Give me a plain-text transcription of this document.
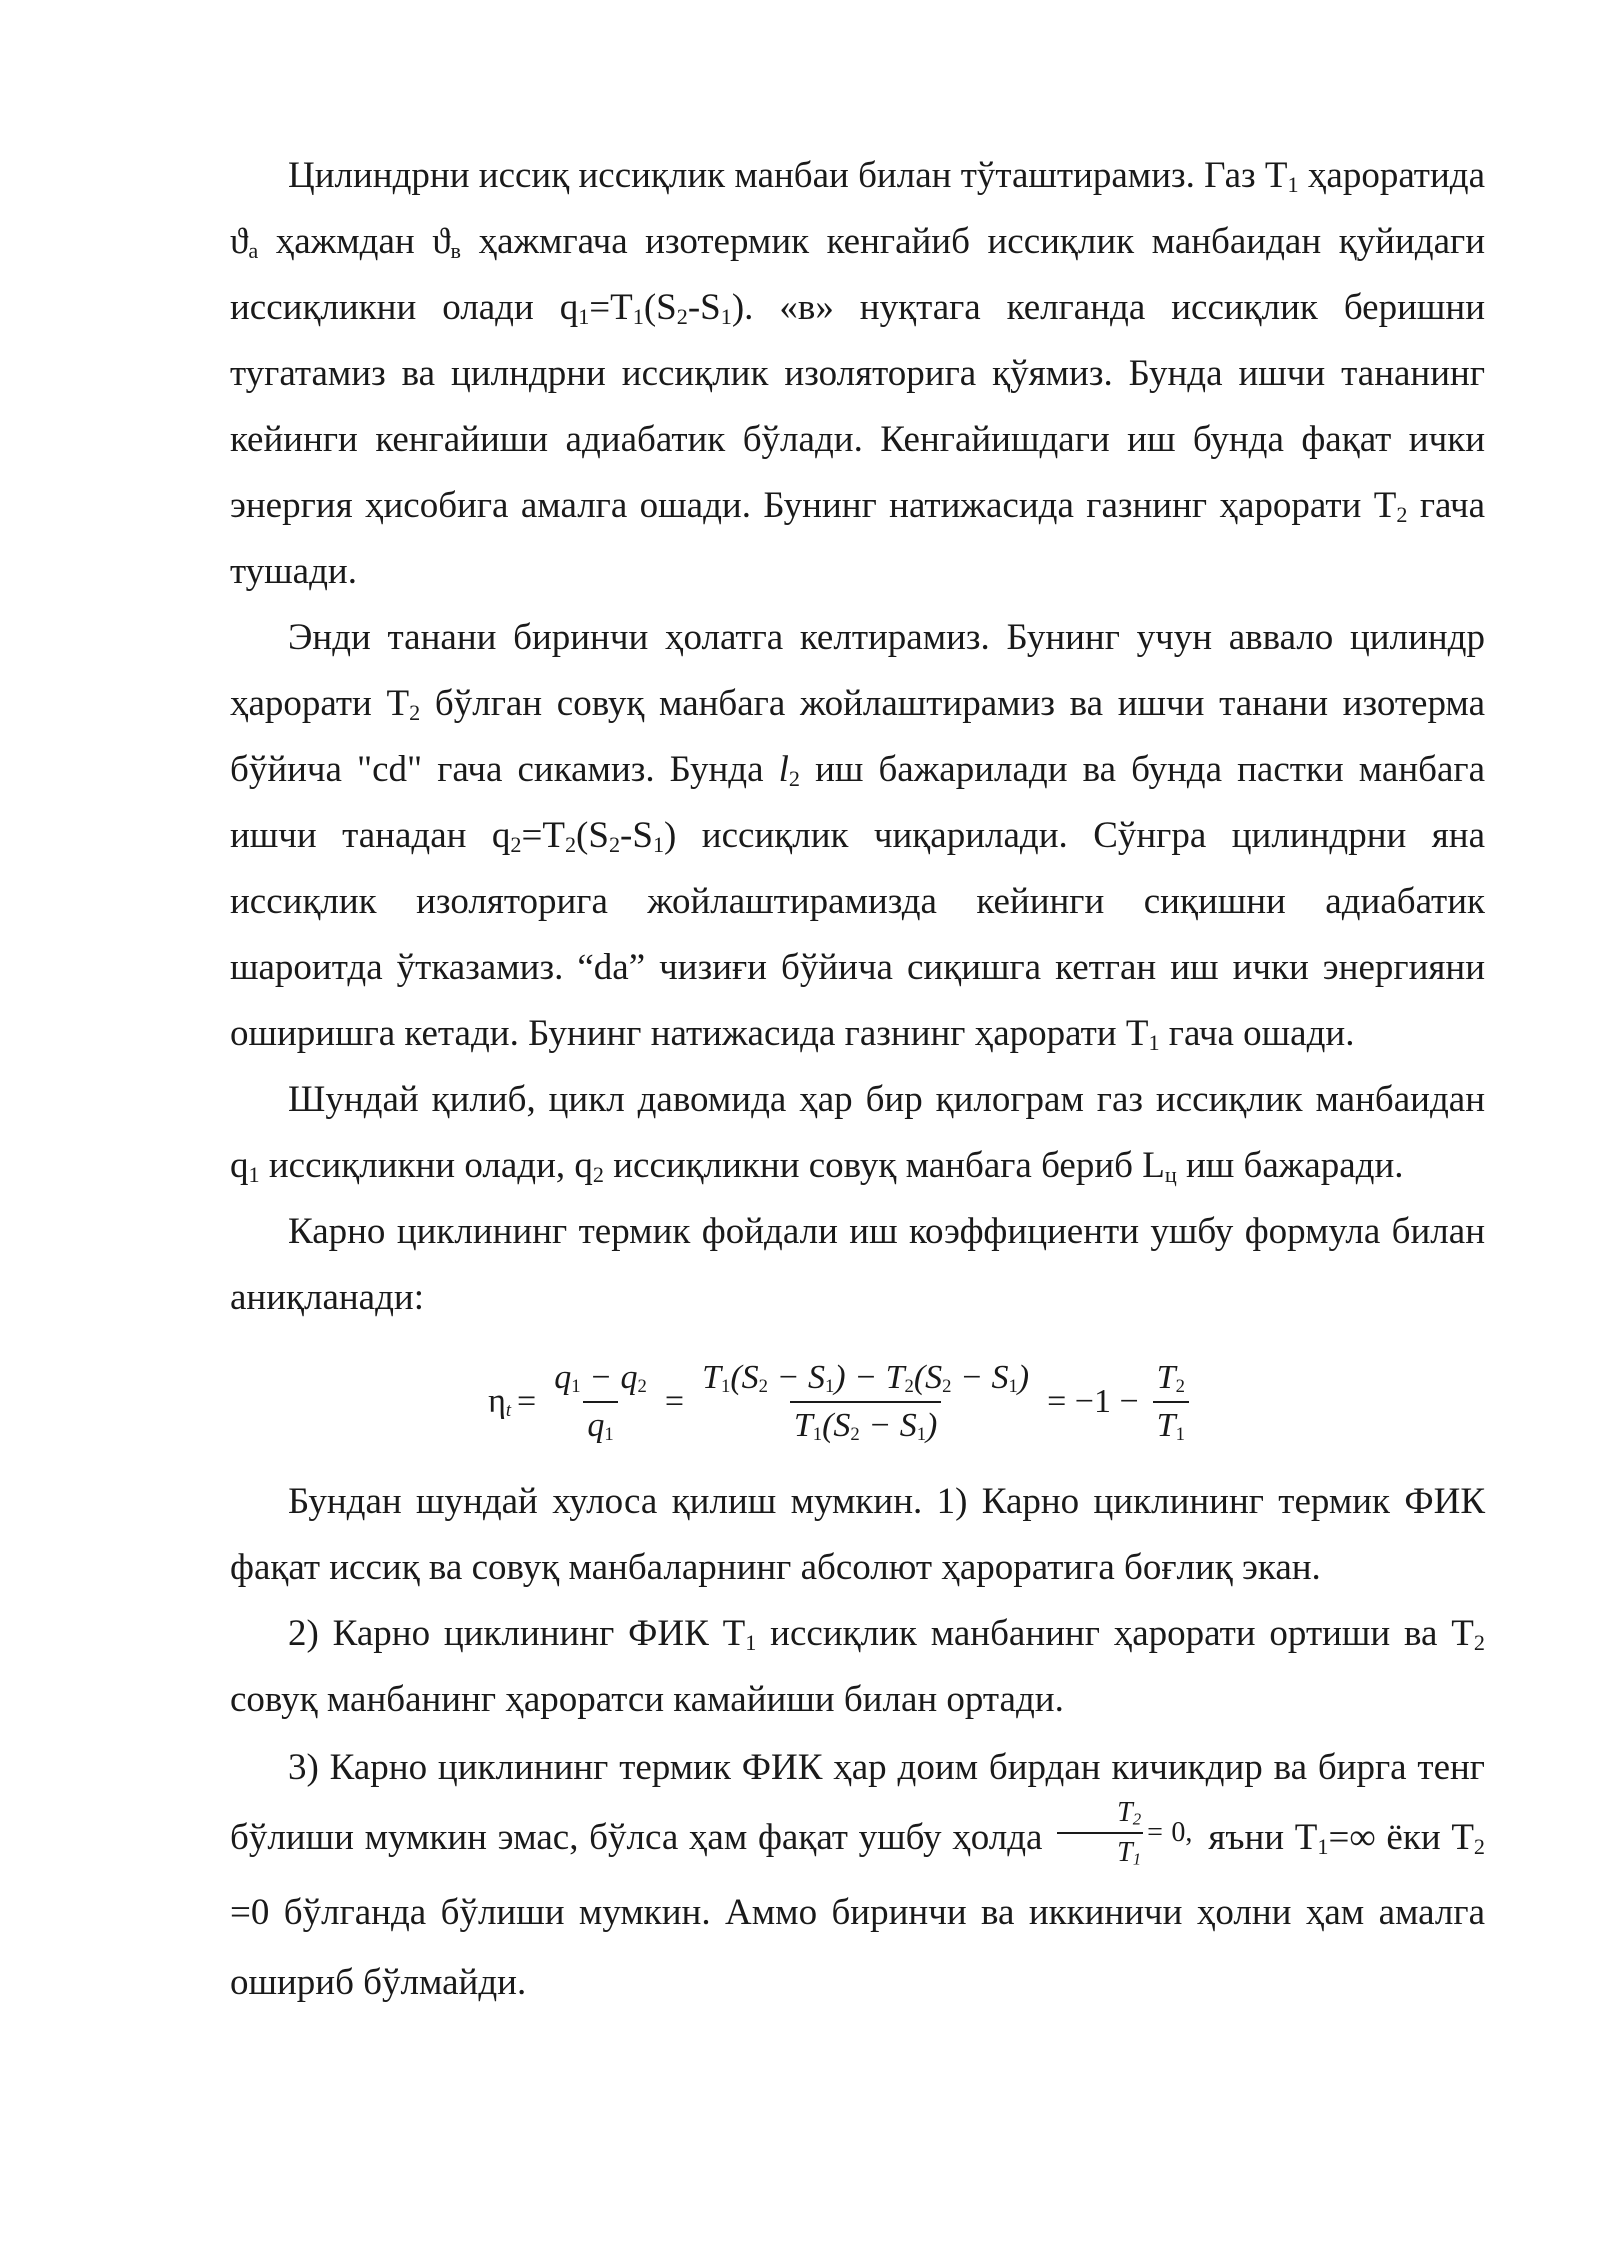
Цилиндрни иссиқ иссиқлик манбаи билан тўташтирамиз. Газ $T_1$ ҳароратида $ϑ_а$ ҳажмдан $ϑ_в$ ҳажмгача изотермик кенгайиб иссиқлик манбаидан қуйидаги иссиқликни олади $q_1=T_1(S_2-S_1)$. «в» нуқтага келганда иссиқлик беришни тугатамиз ва цилндрни иссиқлик изоляторига қўямиз. Бунда ишчи тананинг кейинги кенгайиши адиабатик бўлади. Кенгайишдаги иш бунда фақат ички энергия ҳисобига амалга ошади. Бунинг натижасида газнинг ҳарорати $T_2$ гача тушади.

Энди танани биринчи ҳолатга келтирамиз. Бунинг учун аввало цилиндр ҳарорати $T_2$ бўлган совуқ манбага жойлаштирамиз ва ишчи танани изотерма бўйича "cd" гача сикамиз. Бунда $l_2$ иш бажарилади ва бунда пастки манбага ишчи танадан $q_2=T_2(S_2-S_1)$ иссиқлик чиқарилади. Сўнгра цилиндрни яна иссиқлик изоляторига жойлаштирамизда кейинги сиқишни адиабатик шароитда ўтказамиз. “da” чизиғи бўйича сиқишга кетган иш ички энергияни оширишга кетади. Бунинг натижасида газнинг ҳарорати $T_1$ гача ошади.

Шундай қилиб, цикл давомида ҳар бир қилограм газ иссиқлик манбаидан $q_1$ иссиқликни олади, $q_2$ иссиқликни совуқ манбага бериб $L_ц$ иш бажаради.

Карно циклининг термик фойдали иш коэффициенти ушбу формула билан аниқланади:

$\eta_t = \frac{q_1 - q_2}{q_1} = \frac{T_1(S_2 - S_1) - T_2(S_2 - S_1)}{T_1(S_2 - S_1)} = -1 - \frac{T_2}{T_1}$

Бундан шундай хулоса қилиш мумкин. 1) Карно циклининг термик ФИК фақат иссиқ ва совуқ манбаларнинг абсолют ҳароратига боғлиқ экан.

2) Карно циклининг ФИК $T_1$ иссиқлик манбанинг ҳарорати ортиши ва $T_2$ совуқ манбанинг ҳароратси камайиши билан ортади.

3) Карно циклининг термик ФИК ҳар доим бирдан кичикдир ва бирга тенг бўлиши мумкин эмас, бўлса ҳам фақат ушбу ҳолда $\frac{T_2}{T_1} ^{= 0,}$ яъни $T_1=\infty$ ёки $T_2 =0$ бўлганда бўлиши мумкин. Аммо биринчи ва иккиничи ҳолни ҳам амалга ошириб бўлмайди.
